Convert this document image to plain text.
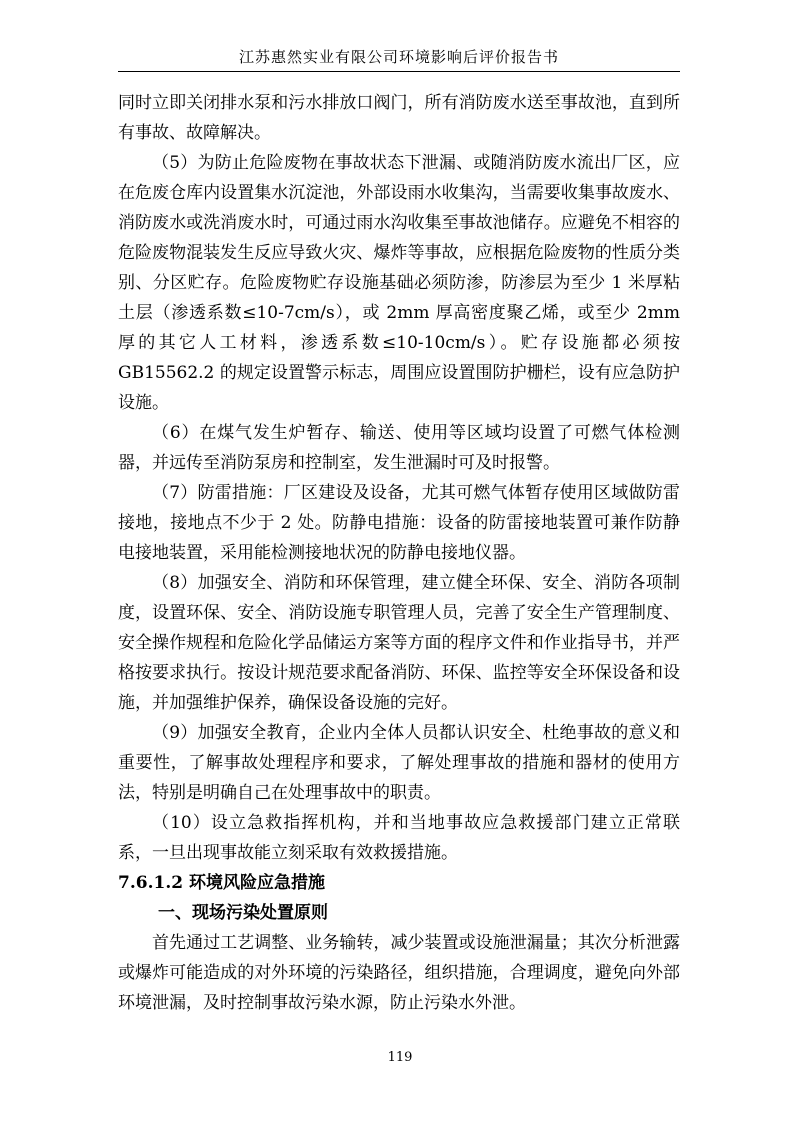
江苏惠然实业有限公司环境影响后评价报告书

同时立即关闭排水泵和污水排放口阀门，所有消防废水送至事故池，直到所有事故、故障解决。

（5）为防止危险废物在事故状态下泄漏、或随消防废水流出厂区，应在危废仓库内设置集水沉淀池，外部设雨水收集沟，当需要收集事故废水、消防废水或洗消废水时，可通过雨水沟收集至事故池储存。应避免不相容的危险废物混装发生反应导致火灾、爆炸等事故，应根据危险废物的性质分类别、分区贮存。危险废物贮存设施基础必须防渗，防渗层为至少 1 米厚粘土层（渗透系数≤10-7cm/s），或 2mm 厚高密度聚乙烯，或至少 2mm 厚的其它人工材料，渗透系数≤10-10cm/s）。贮存设施都必须按 GB15562.2 的规定设置警示标志，周围应设置围防护栅栏，设有应急防护设施。

（6）在煤气发生炉暂存、输送、使用等区域均设置了可燃气体检测器，并远传至消防泵房和控制室，发生泄漏时可及时报警。

（7）防雷措施：厂区建设及设备，尤其可燃气体暂存使用区域做防雷接地，接地点不少于 2 处。防静电措施：设备的防雷接地装置可兼作防静电接地装置，采用能检测接地状况的防静电接地仪器。

（8）加强安全、消防和环保管理，建立健全环保、安全、消防各项制度，设置环保、安全、消防设施专职管理人员，完善了安全生产管理制度、安全操作规程和危险化学品储运方案等方面的程序文件和作业指导书，并严格按要求执行。按设计规范要求配备消防、环保、监控等安全环保设备和设施，并加强维护保养，确保设备设施的完好。

（9）加强安全教育，企业内全体人员都认识安全、杜绝事故的意义和重要性，了解事故处理程序和要求，了解处理事故的措施和器材的使用方法，特别是明确自己在处理事故中的职责。

（10）设立急救指挥机构，并和当地事故应急救援部门建立正常联系，一旦出现事故能立刻采取有效救援措施。

7.6.1.2 环境风险应急措施
一、现场污染处置原则

首先通过工艺调整、业务输转，减少装置或设施泄漏量；其次分析泄露或爆炸可能造成的对外环境的污染路径，组织措施，合理调度，避免向外部环境泄漏，及时控制事故污染水源，防止污染水外泄。

119
